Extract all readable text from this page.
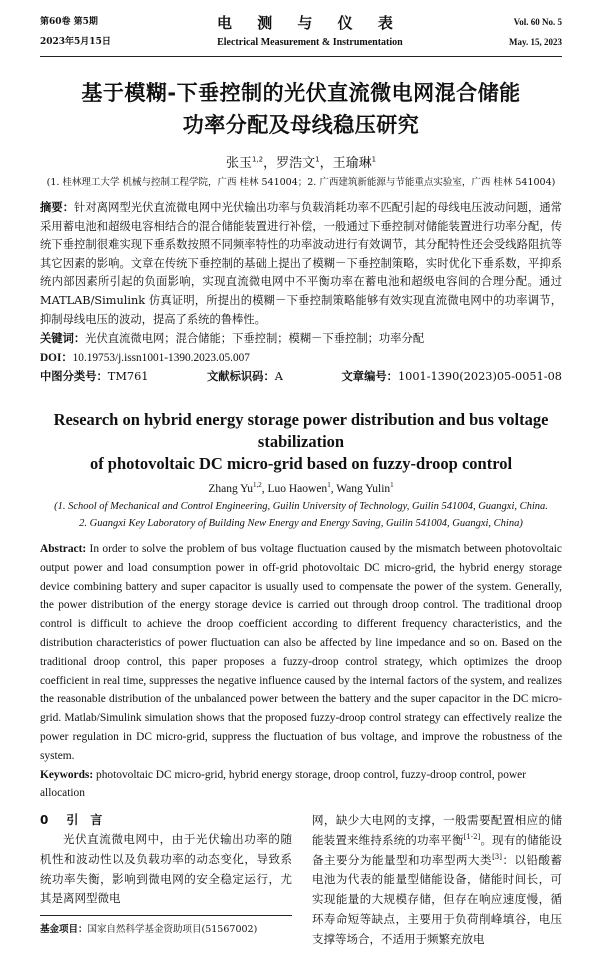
第60卷 第5期
2023年5月15日
电 测 与 仪 表
Electrical Measurement & Instrumentation
Vol. 60 No. 5
May. 15, 2023
基于模糊-下垂控制的光伏直流微电网混合储能
功率分配及母线稳压研究
张玉$^{1,2}$，罗浩文$^1$，王瑜琳$^1$
(1. 桂林理工大学 机械与控制工程学院，广西 桂林 541004；2. 广西建筑新能源与节能重点实验室，广西 桂林 541004)
摘要：针对离网型光伏直流微电网中光伏输出功率与负载消耗功率不匹配引起的母线电压波动问题，通常采用蓄电池和超级电容相结合的混合储能装置进行补偿，一般通过下垂控制对储能装置进行功率分配，传统下垂控制很难实现下垂系数按照不同频率特性的功率波动进行有效调节，其分配特性还会受线路阻抗等其它因素的影响。文章在传统下垂控制的基础上提出了模糊－下垂控制策略，实时优化下垂系数，平抑系统内部因素所引起的负面影响，实现直流微电网中不平衡功率在蓄电池和超级电容间的合理分配。通过 MATLAB/Simulink 仿真证明，所提出的模糊－下垂控制策略能够有效实现直流微电网中的功率调节，抑制母线电压的波动，提高了系统的鲁棒性。
关键词：光伏直流微电网；混合储能；下垂控制；模糊－下垂控制；功率分配
DOI：10.19753/j.issn1001-1390.2023.05.007
中图分类号：TM761	文献标识码：A	文章编号：1001-1390(2023)05-0051-08
Research on hybrid energy storage power distribution and bus voltage stabilization
of photovoltaic DC micro-grid based on fuzzy-droop control
Zhang Yu$^{1,2}$, Luo Haowen$^1$, Wang Yulin$^1$
(1. School of Mechanical and Control Engineering, Guilin University of Technology, Guilin 541004, Guangxi, China.
2. Guangxi Key Laboratory of Building New Energy and Energy Saving, Guilin 541004, Guangxi, China)
Abstract: In order to solve the problem of bus voltage fluctuation caused by the mismatch between photovoltaic output power and load consumption power in off-grid photovoltaic DC micro-grid, the hybrid energy storage device combining battery and super capacitor is usually used to compensate the power of the system. Generally, the power distribution of the energy storage device is carried out through droop control. The traditional droop control is difficult to achieve the droop coefficient according to different frequency characteristics, and the distribution characteristics of power fluctuation can also be affected by line impedance and so on. Based on the traditional droop control, this paper proposes a fuzzy-droop control strategy, which optimizes the droop coefficient in real time, suppresses the negative influence caused by the internal factors of the system, and realizes the reasonable distribution of the unbalanced power between the battery and the super capacitor in the DC micro-grid. Matlab/Simulink simulation shows that the proposed fuzzy-droop control strategy can effectively realize the power regulation in DC micro-grid, suppress the fluctuation of bus voltage, and improve the robustness of the system.
Keywords: photovoltaic DC micro-grid, hybrid energy storage, droop control, fuzzy-droop control, power allocation
0 引　言
光伏直流微电网中，由于光伏输出功率的随机性和波动性以及负载功率的动态变化，导致系统功率失衡，影响到微电网的安全稳定运行，尤其是离网型微电
基金项目：国家自然科学基金资助项目(51567002)
网，缺少大电网的支撑，一般需要配置相应的储能装置来维持系统的功率平衡[1-2]。现有的储能设备主要分为能量型和功率型两大类[3]：以铅酸蓄电池为代表的能量型储能设备，储能时间长，可实现能量的大规模存储，但存在响应速度慢，循环寿命短等缺点，主要用于负荷削峰填谷，电压支撑等场合，不适用于频繁充放电
